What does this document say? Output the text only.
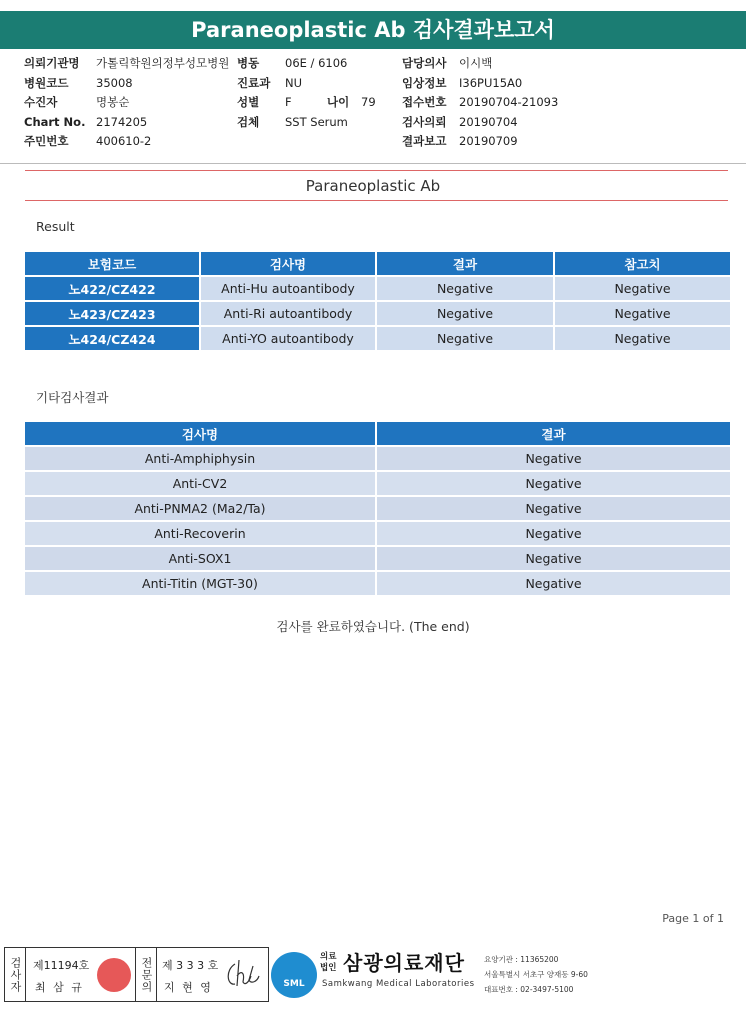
Paraneoplastic Ab 검사결과보고서
의뢰기관명 가톨릭학원의정부성모병원
병원코드 35008
수진자	명봉순
Chart No. 2174205
주민번호 400610-2
병동 06E / 6106
진료과 NU
성별 F	나이 79
검체 SST Serum
담당의사 이시백
임상정보 I36PU15A0
접수번호 20190704-21093
검사의뢰 20190704
결과보고 20190709
Paraneoplastic Ab
Result
보험코드	검사명	결과	참고치
노422/CZ422	Anti-Hu autoantibody	Negative	Negative
노423/CZ423	Anti-Ri autoantibody	Negative	Negative
노424/CZ424	Anti-YO autoantibody	Negative	Negative
기타검사결과
검사명	결과
Anti-Amphiphysin	Negative
Anti-CV2	Negative
Anti-PNMA2 (Ma2/Ta)	Negative
Anti-Recoverin	Negative
Anti-SOX1	Negative
Anti-Titin (MGT-30)	Negative
검사를 완료하였습니다. (The end)
Page 1 of 1
검사자	제11194호
최 삼 규	전문의 제 3 3 3 호
지 현 영	SML
의료
법인 삼광의료재단
Samkwang Medical Laboratories
요양기관 : 11365200
서울특별시 서초구 양재동 9-60
대표번호 : 02-3497-5100
